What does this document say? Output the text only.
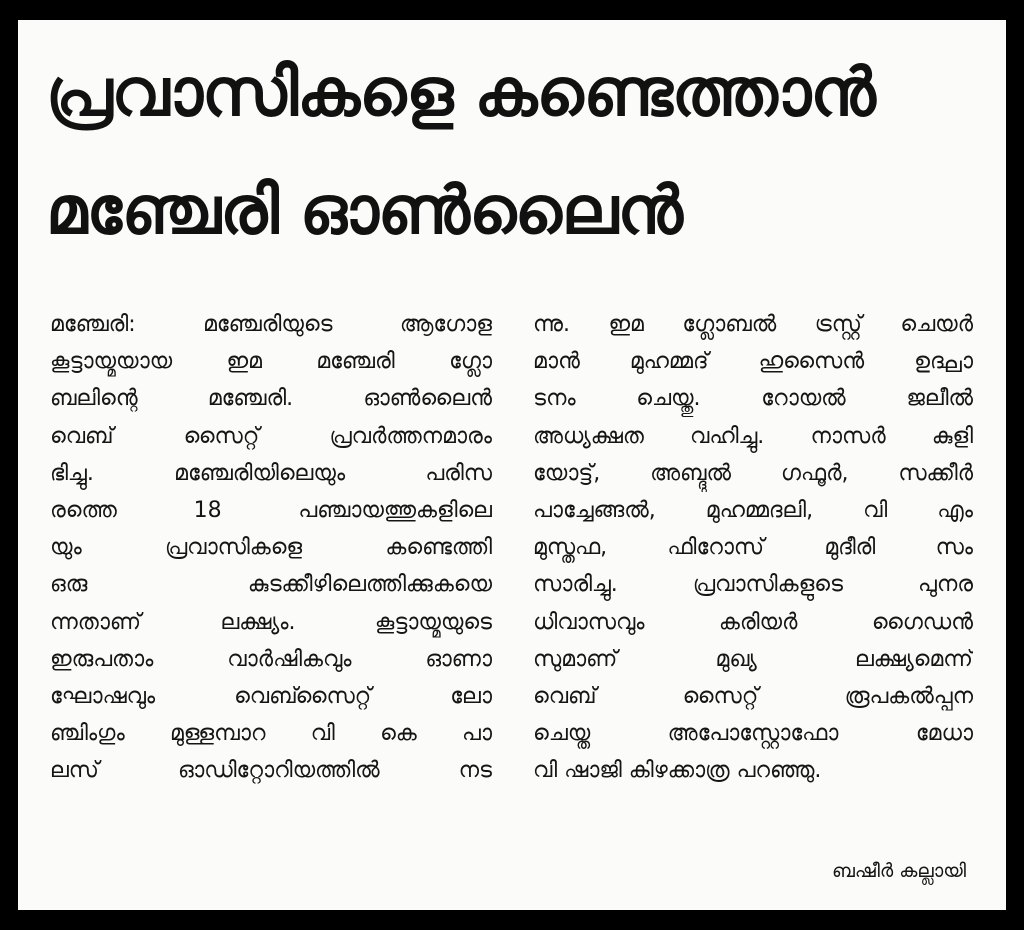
പ്രവാസികളെ കണ്ടെത്താൻ
മഞ്ചേരി ഓൺലൈൻ
മഞ്ചേരി: മഞ്ചേരിയുടെ ആഗോള
കൂട്ടായ്മയായ ഇമ മഞ്ചേരി ഗ്ലോ
ബലിന്റെ മഞ്ചേരി. ഓൺലൈൻ
വെബ് സൈറ്റ് പ്രവർത്തനമാരം
ഭിച്ചു. മഞ്ചേരിയിലെയും പരിസ
രത്തെ 18 പഞ്ചായത്തുകളിലെ
യും പ്രവാസികളെ കണ്ടെത്തി
ഒരു കുടക്കീഴിലെത്തിക്കുകയെ
ന്നതാണ് ലക്ഷ്യം. കൂട്ടായ്മയുടെ
ഇരുപതാം വാർഷികവും ഓണാ
ഘോഷവും വെബ്സൈറ്റ് ലോ
ഞ്ചിംഗും മുള്ളമ്പാറ വി കെ പാ
ലസ് ഓഡിറ്റോറിയത്തിൽ നട
ന്നു. ഇമ ഗ്ലോബൽ ട്രസ്റ്റ് ചെയർ
മാൻ മുഹമ്മദ് ഹുസൈൻ ഉദ്ഘാ
ടനം ചെയ്തു. റോയൽ ജലീൽ
അധ്യക്ഷത വഹിച്ചു. നാസർ കുളി
യോട്ട്, അബ്ദുൽ ഗഫൂർ, സക്കീർ
പാച്ചേങ്ങൽ, മുഹമ്മദലി, വി എം
മുസ്തഫ, ഫിറോസ് മുദീരി സം
സാരിച്ചു. പ്രവാസികളുടെ പുനര
ധിവാസവും കരിയർ ഗൈഡൻ
സുമാണ് മുഖ്യ ലക്ഷ്യമെന്ന്
വെബ് സൈറ്റ് രൂപകൽപ്പന
ചെയ്ത അപോസ്റ്റോഫോ മേധാ
വി ഷാജി കിഴക്കാത്ര പറഞ്ഞു.
ബഷീർ കല്ലായി
